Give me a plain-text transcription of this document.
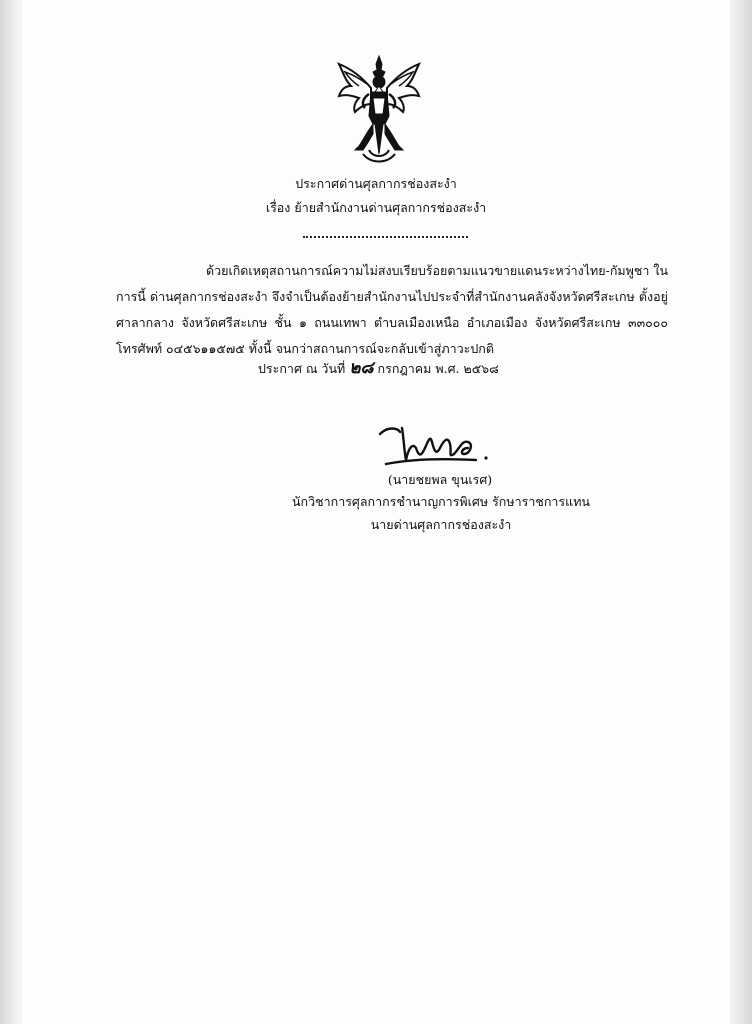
ประกาศด่านศุลกากรช่องสะงำ
เรื่อง ย้ายสำนักงานด่านศุลกากรช่องสะงำ
ด้วยเกิดเหตุสถานการณ์ความไม่สงบเรียบร้อยตามแนวขายแดนระหว่างไทย-กัมพูชา ในการนี้ ด่านศุลกากรช่องสะงำ จึงจำเป็นต้องย้ายสำนักงานไปประจำที่สำนักงานคลังจังหวัดศรีสะเกษ ตั้งอยู่ศาลากลาง จังหวัดศรีสะเกษ ชั้น ๑ ถนนเทพา ตำบลเมืองเหนือ อำเภอเมือง จังหวัดศรีสะเกษ ๓๓๐๐๐ โทรศัพท์ ๐๔๕๖๑๑๕๗๕ ทั้งนี้ จนกว่าสถานการณ์จะกลับเข้าสู่ภาวะปกติ
ประกาศ ณ วันที่ ๒๘ กรกฎาคม พ.ศ. ๒๕๖๘
(นายชยพล ขุนเรศ)
นักวิชาการศุลกากรชำนาญการพิเศษ รักษาราชการแทน
นายด่านศุลกากรช่องสะงำ
